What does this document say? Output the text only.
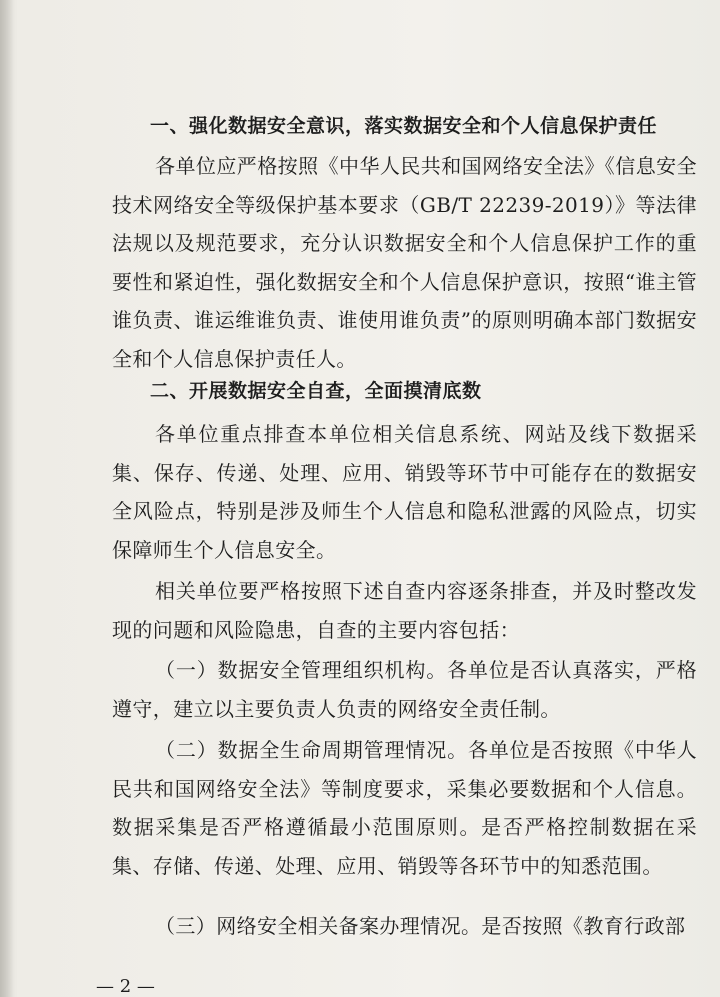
一、强化数据安全意识，落实数据安全和个人信息保护责任
各单位应严格按照《中华人民共和国网络安全法》《信息安全技术网络安全等级保护基本要求（GB/T 22239-2019）》等法律法规以及规范要求，充分认识数据安全和个人信息保护工作的重要性和紧迫性，强化数据安全和个人信息保护意识，按照“谁主管谁负责、谁运维谁负责、谁使用谁负责”的原则明确本部门数据安全和个人信息保护责任人。
二、开展数据安全自查，全面摸清底数
各单位重点排查本单位相关信息系统、网站及线下数据采集、保存、传递、处理、应用、销毁等环节中可能存在的数据安全风险点，特别是涉及师生个人信息和隐私泄露的风险点，切实保障师生个人信息安全。
相关单位要严格按照下述自查内容逐条排查，并及时整改发现的问题和风险隐患，自查的主要内容包括：
（一）数据安全管理组织机构。各单位是否认真落实，严格遵守，建立以主要负责人负责的网络安全责任制。
（二）数据全生命周期管理情况。各单位是否按照《中华人民共和国网络安全法》等制度要求，采集必要数据和个人信息。数据采集是否严格遵循最小范围原则。是否严格控制数据在采集、存储、传递、处理、应用、销毁等各环节中的知悉范围。
（三）网络安全相关备案办理情况。是否按照《教育行政部
— 2 —
